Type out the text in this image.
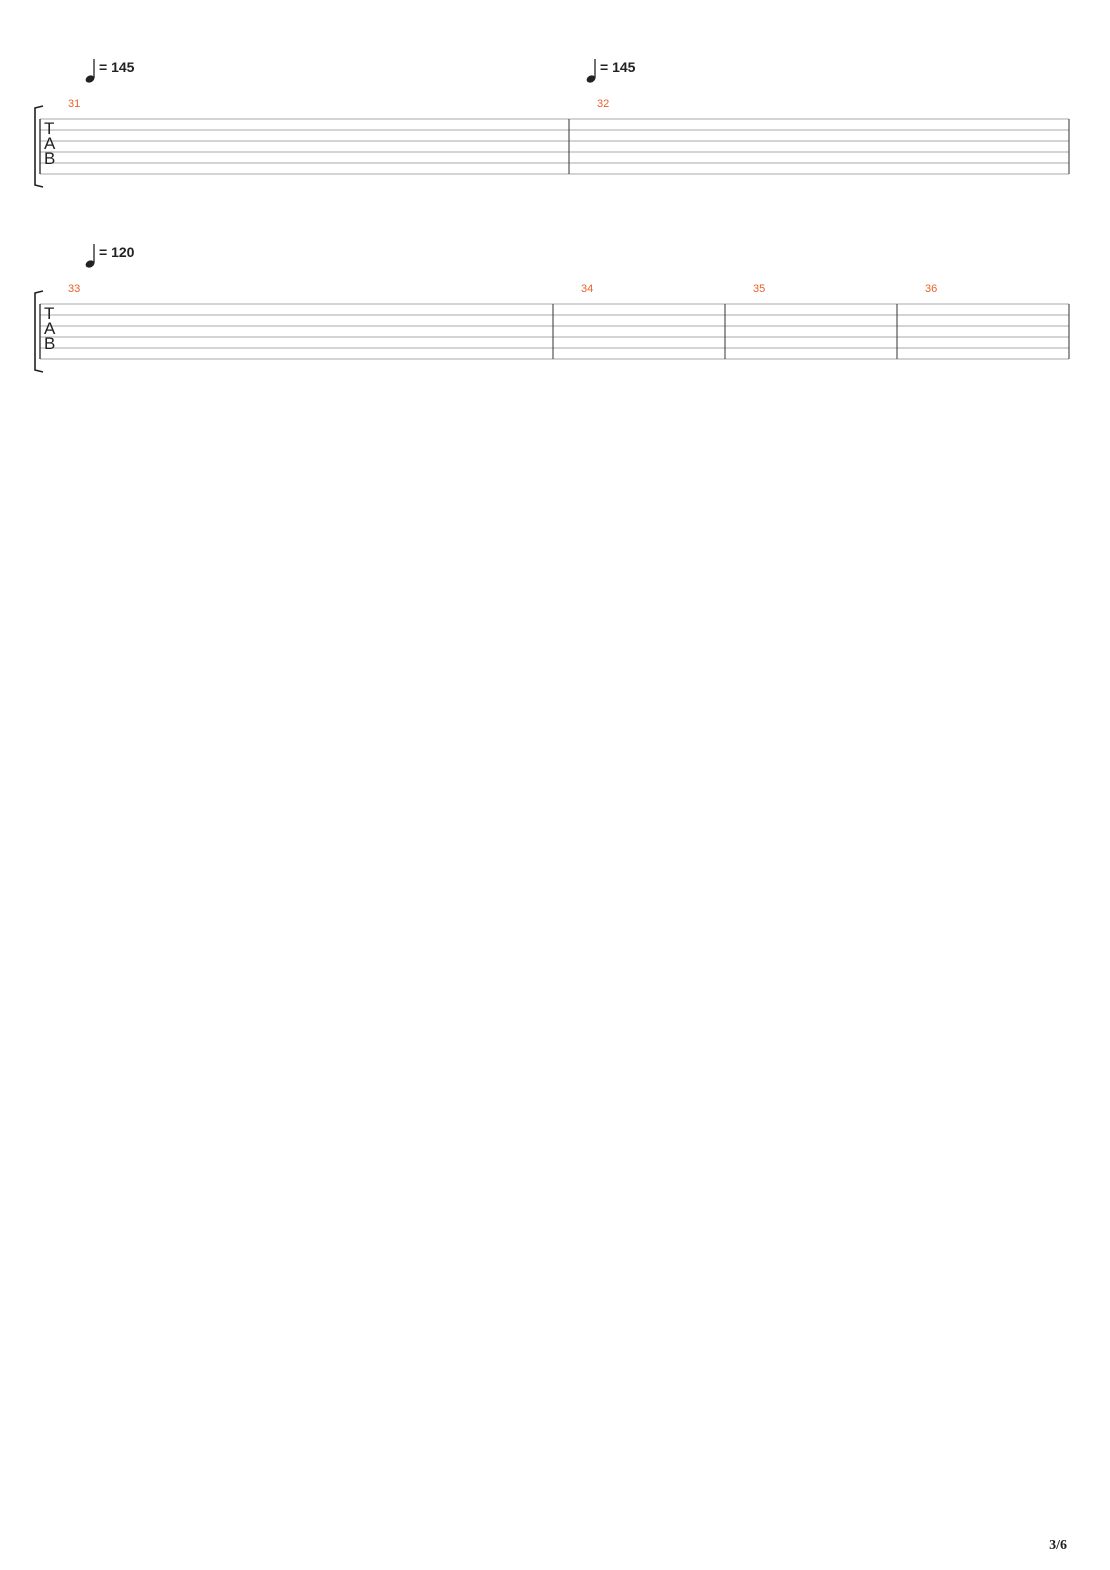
T
A
B
31	32
= 145	= 145
T
A
B
33	34	35	36
= 120
3/6
